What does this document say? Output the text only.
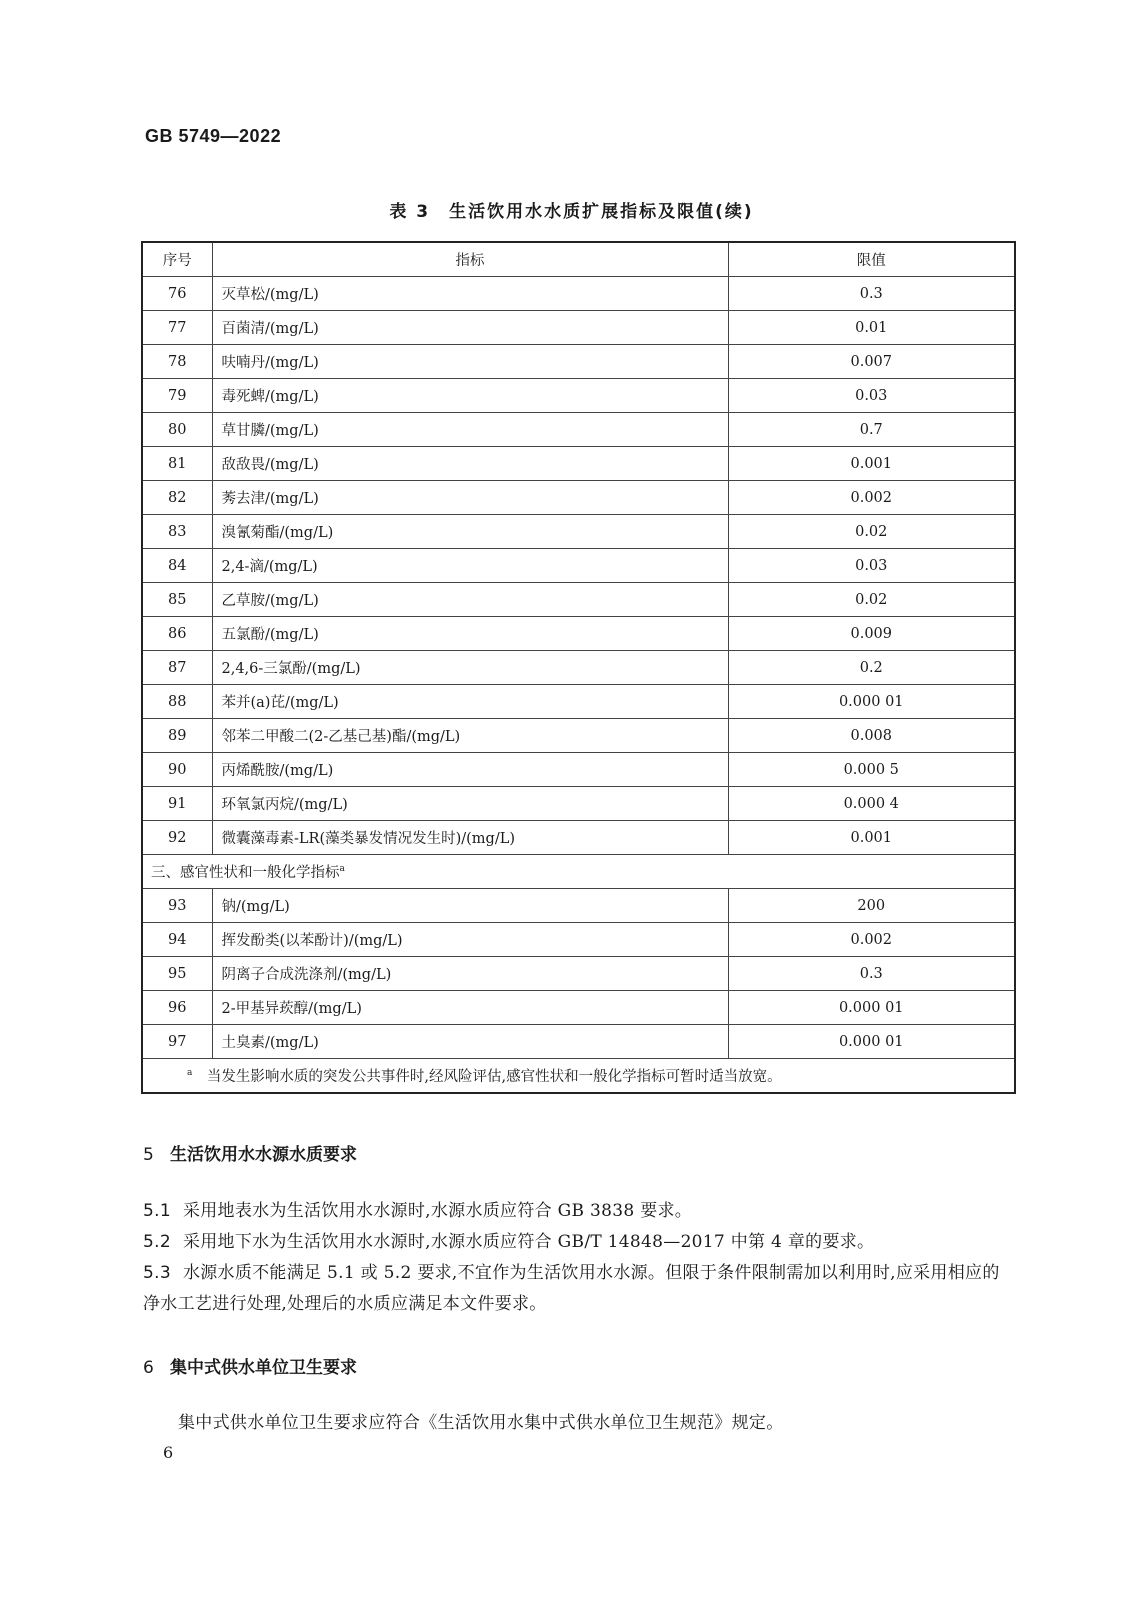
GB 5749—2022
表 3　生活饮用水水质扩展指标及限值(续)
序号	指标	限值
76	灭草松/(mg/L)	0.3
77	百菌清/(mg/L)	0.01
78	呋喃丹/(mg/L)	0.007
79	毒死蜱/(mg/L)	0.03
80	草甘膦/(mg/L)	0.7
81	敌敌畏/(mg/L)	0.001
82	莠去津/(mg/L)	0.002
83	溴氰菊酯/(mg/L)	0.02
84	2,4-滴/(mg/L)	0.03
85	乙草胺/(mg/L)	0.02
86	五氯酚/(mg/L)	0.009
87	2,4,6-三氯酚/(mg/L)	0.2
88	苯并(a)芘/(mg/L)	0.000 01
89	邻苯二甲酸二(2-乙基己基)酯/(mg/L)	0.008
90	丙烯酰胺/(mg/L)	0.000 5
91	环氧氯丙烷/(mg/L)	0.000 4
92	微囊藻毒素-LR(藻类暴发情况发生时)/(mg/L)	0.001
三、感官性状和一般化学指标$^a$
93	钠/(mg/L)	200
94	挥发酚类(以苯酚计)/(mg/L)	0.002
95	阴离子合成洗涤剂/(mg/L)	0.3
96	2-甲基异莰醇/(mg/L)	0.000 01
97	土臭素/(mg/L)	0.000 01
$^a$　 当发生影响水质的突发公共事件时,经风险评估,感官性状和一般化学指标可暂时适当放宽。		
5 生活饮用水水源水质要求
5.1 采用地表水为生活饮用水水源时,水源水质应符合 GB 3838 要求。
5.2 采用地下水为生活饮用水水源时,水源水质应符合 GB/T 14848—2017 中第 4 章的要求。
5.3 水源水质不能满足 5.1 或 5.2 要求,不宜作为生活饮用水水源。但限于条件限制需加以利用时,应采用相应的净水工艺进行处理,处理后的水质应满足本文件要求。
6 集中式供水单位卫生要求
集中式供水单位卫生要求应符合《生活饮用水集中式供水单位卫生规范》规定。
6
